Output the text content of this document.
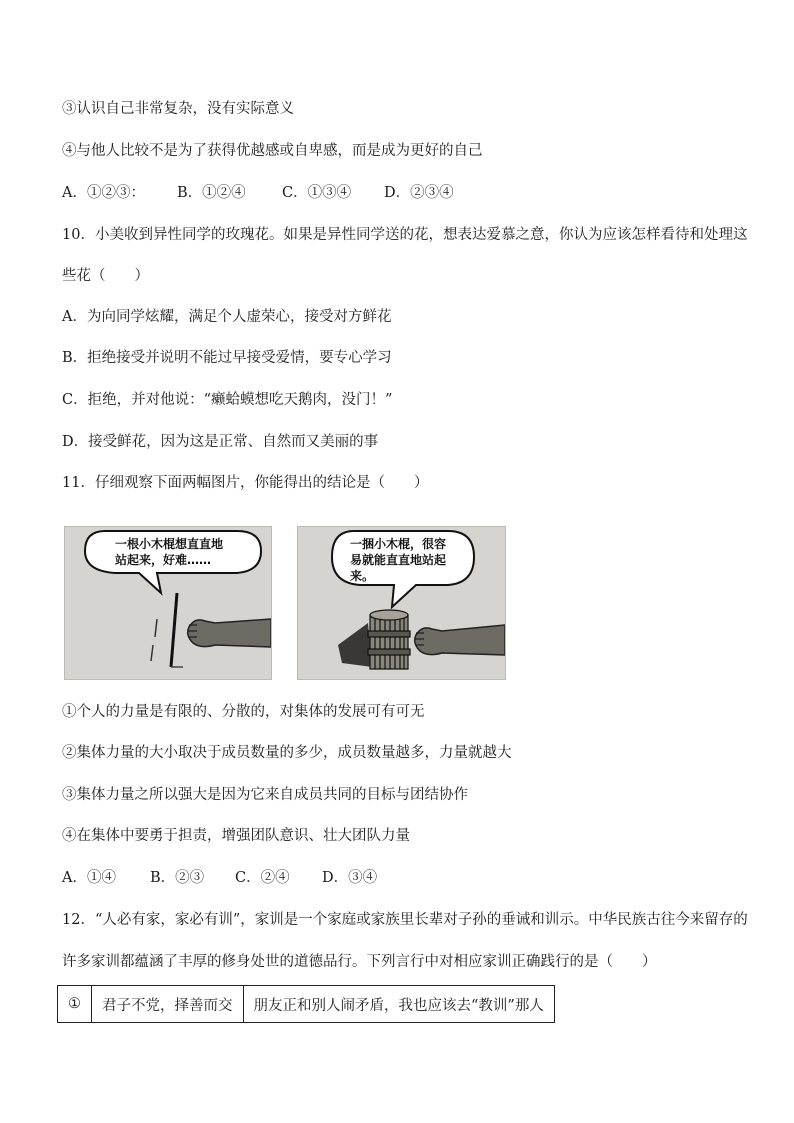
③认识自己非常复杂，没有实际意义
④与他人比较不是为了获得优越感或自卑感，而是成为更好的自己
A．①②③： B．①②④	C．①③④ D．②③④
10．小美收到异性同学的玫瑰花。如果是异性同学送的花，想表达爱慕之意，你认为应该怎样看待和处理这
些花（　　）
A．为向同学炫耀，满足个人虚荣心，接受对方鲜花
B．拒绝接受并说明不能过早接受爱情，要专心学习
C．拒绝，并对他说：“癞蛤蟆想吃天鹅肉，没门！”
D．接受鲜花，因为这是正常、自然而又美丽的事
11．仔细观察下面两幅图片，你能得出的结论是（　　）
一根小木棍想直直地
站起来，好难……
一捆小木棍，很容
易就能直直地站起
来。
①个人的力量是有限的、分散的，对集体的发展可有可无
②集体力量的大小取决于成员数量的多少，成员数量越多，力量就越大
③集体力量之所以强大是因为它来自成员共同的目标与团结协作
④在集体中要勇于担责，增强团队意识、壮大团队力量
A．①④ B．②③ C．②④ D．③④
12．“人必有家，家必有训”，家训是一个家庭或家族里长辈对子孙的垂诫和训示。中华民族古往今来留存的
许多家训都蕴涵了丰厚的修身处世的道德品行。下列言行中对相应家训正确践行的是（　　）
①	君子不党，择善而交	朋友正和别人闹矛盾，我也应该去“教训”那人
